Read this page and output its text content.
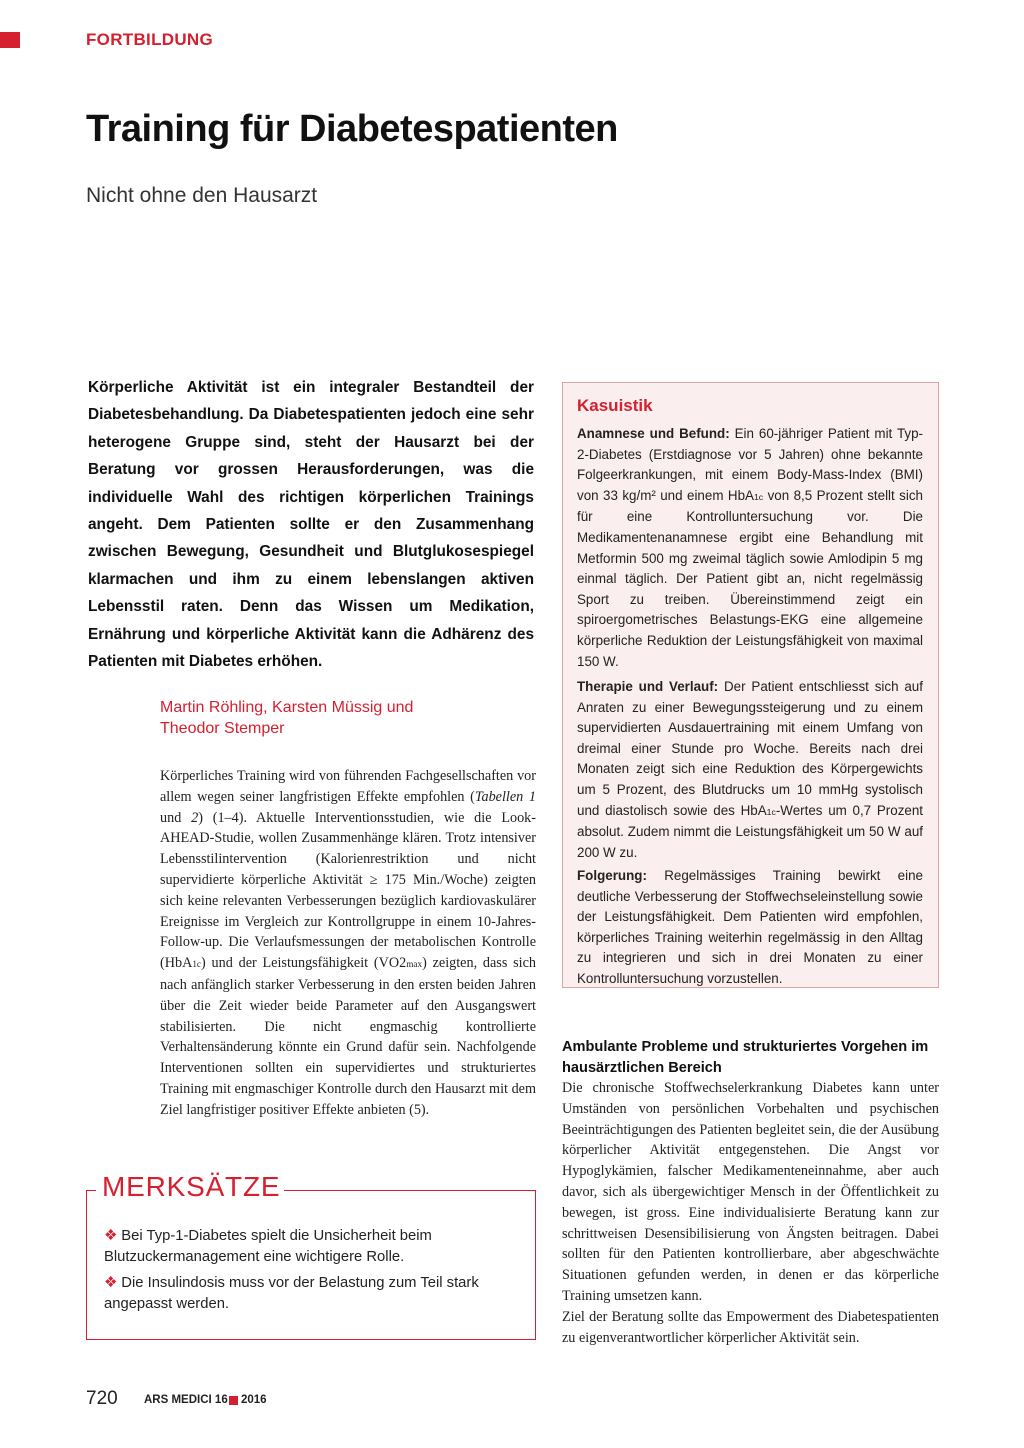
FORTBILDUNG
Training für Diabetespatienten
Nicht ohne den Hausarzt

Körperliche Aktivität ist ein integraler Bestandteil der Diabetesbehandlung. Da Diabetespatienten jedoch eine sehr heterogene Gruppe sind, steht der Hausarzt bei der Beratung vor grossen Herausforderungen, was die individuelle Wahl des richtigen körperlichen Trainings angeht. Dem Patienten sollte er den Zusammenhang zwischen Bewegung, Gesundheit und Blutglukosespiegel klarmachen und ihm zu einem lebenslangen aktiven Lebensstil raten. Denn das Wissen um Medikation, Ernährung und körperliche Aktivität kann die Adhärenz des Patienten mit Diabetes erhöhen.

Martin Röhling, Karsten Müssig und
Theodor Stemper

Körperliches Training wird von führenden Fachgesellschaften vor allem wegen seiner langfristigen Effekte empfohlen (Tabellen 1 und 2) (1–4). Aktuelle Interventionsstudien, wie die Look-AHEAD-Studie, wollen Zusammenhänge klären. Trotz intensiver Lebensstilintervention (Kalorienrestriktion und nicht supervidierte körperliche Aktivität ≥ 175 Min./Woche) zeigten sich keine relevanten Verbesserungen bezüglich kardiovaskulärer Ereignisse im Vergleich zur Kontrollgruppe in einem 10-Jahres-Follow-up. Die Verlaufsmessungen der metabolischen Kontrolle (HbA1c) und der Leistungsfähigkeit (VO2max) zeigten, dass sich nach anfänglich starker Verbesserung in den ersten beiden Jahren über die Zeit wieder beide Parameter auf den Ausgangswert stabilisierten. Die nicht engmaschig kontrollierte Verhaltensänderung könnte ein Grund dafür sein. Nachfolgende Interventionen sollten ein supervidiertes und strukturiertes Training mit engmaschiger Kontrolle durch den Hausarzt mit dem Ziel langfristiger positiver Effekte anbieten (5).

MERKSÄTZE
❖ Bei Typ-1-Diabetes spielt die Unsicherheit beim Blutzuckermanagement eine wichtigere Rolle.
❖ Die Insulindosis muss vor der Belastung zum Teil stark angepasst werden.
Kasuistik

Anamnese und Befund: Ein 60-jähriger Patient mit Typ-2-Diabetes (Erstdiagnose vor 5 Jahren) ohne bekannte Folgeerkrankungen, mit einem Body-Mass-Index (BMI) von 33 kg/m² und einem HbA1c von 8,5 Prozent stellt sich für eine Kontrolluntersuchung vor. Die Medikamentenanamnese ergibt eine Behandlung mit Metformin 500 mg zweimal täglich sowie Amlodipin 5 mg einmal täglich. Der Patient gibt an, nicht regelmässig Sport zu treiben. Übereinstimmend zeigt ein spiroergometrisches Belastungs-EKG eine allgemeine körperliche Reduktion der Leistungsfähigkeit von maximal 150 W.

Therapie und Verlauf: Der Patient entschliesst sich auf Anraten zu einer Bewegungssteigerung und zu einem supervidierten Ausdauertraining mit einem Umfang von dreimal einer Stunde pro Woche. Bereits nach drei Monaten zeigt sich eine Reduktion des Körpergewichts um 5 Prozent, des Blutdrucks um 10 mmHg systolisch und diastolisch sowie des HbA1c-Wertes um 0,7 Prozent absolut. Zudem nimmt die Leistungsfähigkeit um 50 W auf 200 W zu.

Folgerung: Regelmässiges Training bewirkt eine deutliche Verbesserung der Stoffwechseleinstellung sowie der Leistungsfähigkeit. Dem Patienten wird empfohlen, körperliches Training weiterhin regelmässig in den Alltag zu integrieren und sich in drei Monaten zu einer Kontrolluntersuchung vorzustellen.

Ambulante Probleme und strukturiertes Vorgehen im hausärztlichen Bereich
Die chronische Stoffwechselerkrankung Diabetes kann unter Umständen von persönlichen Vorbehalten und psychischen Beeinträchtigungen des Patienten begleitet sein, die der Ausübung körperlicher Aktivität entgegenstehen. Die Angst vor Hypoglykämien, falscher Medikamenteneinnahme, aber auch davor, sich als übergewichtiger Mensch in der Öffentlichkeit zu bewegen, ist gross. Eine individualisierte Beratung kann zur schrittweisen Desensibilisierung von Ängsten beitragen. Dabei sollten für den Patienten kontrollierbare, aber abgeschwächte Situationen gefunden werden, in denen er das körperliche Training umsetzen kann.
Ziel der Beratung sollte das Empowerment des Diabetespatienten zu eigenverantwortlicher körperlicher Aktivität sein.
720 ARS MEDICI 16 2016
